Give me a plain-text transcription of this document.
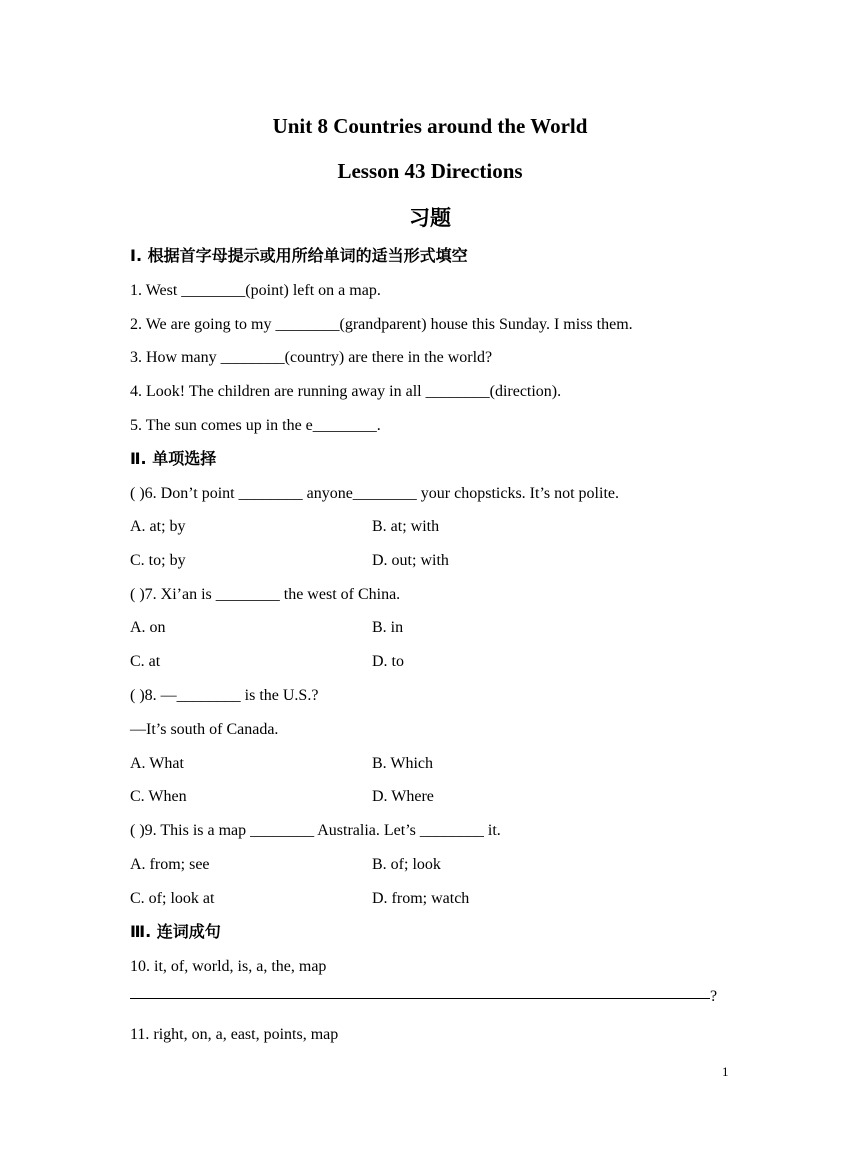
Unit 8 Countries around the World
Lesson 43 Directions
习题
Ⅰ. 根据首字母提示或用所给单词的适当形式填空
1. West ________(point) left on a map.
2. We are going to my ________(grandparent) house this Sunday. I miss them.
3. How many ________(country) are there in the world?
4. Look! The children are running away in all ________(direction).
5. The sun comes up in the e________.
Ⅱ. 单项选择
( )6. Don’t point ________ anyone________ your chopsticks. It’s not polite.
A. at; by	B. at; with
C. to; by	D. out; with
( )7. Xi’an is ________ the west of China.
A. on	B. in
C. at	D. to
( )8. —________ is the U.S.?
—It’s south of Canada.
A. What	B. Which
C. When	D. Where
( )9. This is a map ________ Australia. Let’s ________ it.
A. from; see	B. of; look
C. of; look at	D. from; watch
Ⅲ. 连词成句
10. it, of, world, is, a, the, map
?
11. right, on, a, east, points, map
1
